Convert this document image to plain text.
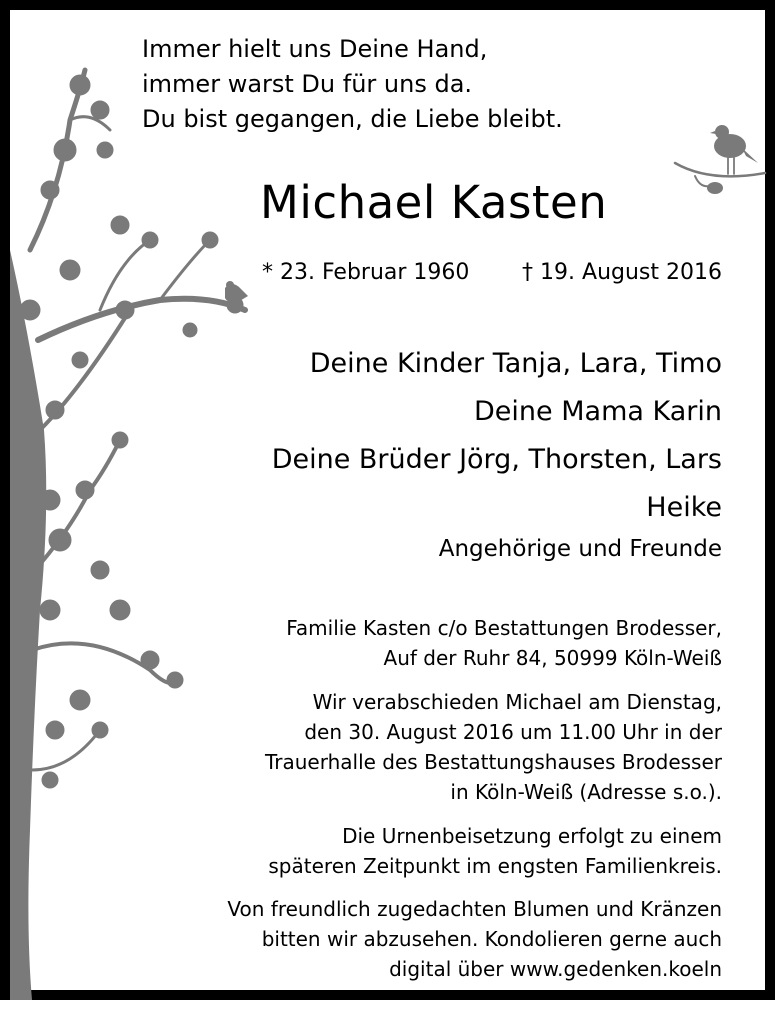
Immer hielt uns Deine Hand,
immer warst Du für uns da.
Du bist gegangen, die Liebe bleibt.
Michael Kasten
* 23. Februar 1960 † 19. August 2016
Deine Kinder Tanja, Lara, Timo
Deine Mama Karin
Deine Brüder Jörg, Thorsten, Lars
Heike
Angehörige und Freunde
Familie Kasten c/o Bestattungen Brodesser,
Auf der Ruhr 84, 50999 Köln-Weiß
Wir verabschieden Michael am Dienstag,
den 30. August 2016 um 11.00 Uhr in der
Trauerhalle des Bestattungshauses Brodesser
in Köln-Weiß (Adresse s.o.).
Die Urnenbeisetzung erfolgt zu einem
späteren Zeitpunkt im engsten Familienkreis.
Von freundlich zugedachten Blumen und Kränzen
bitten wir abzusehen. Kondolieren gerne auch
digital über www.gedenken.koeln
